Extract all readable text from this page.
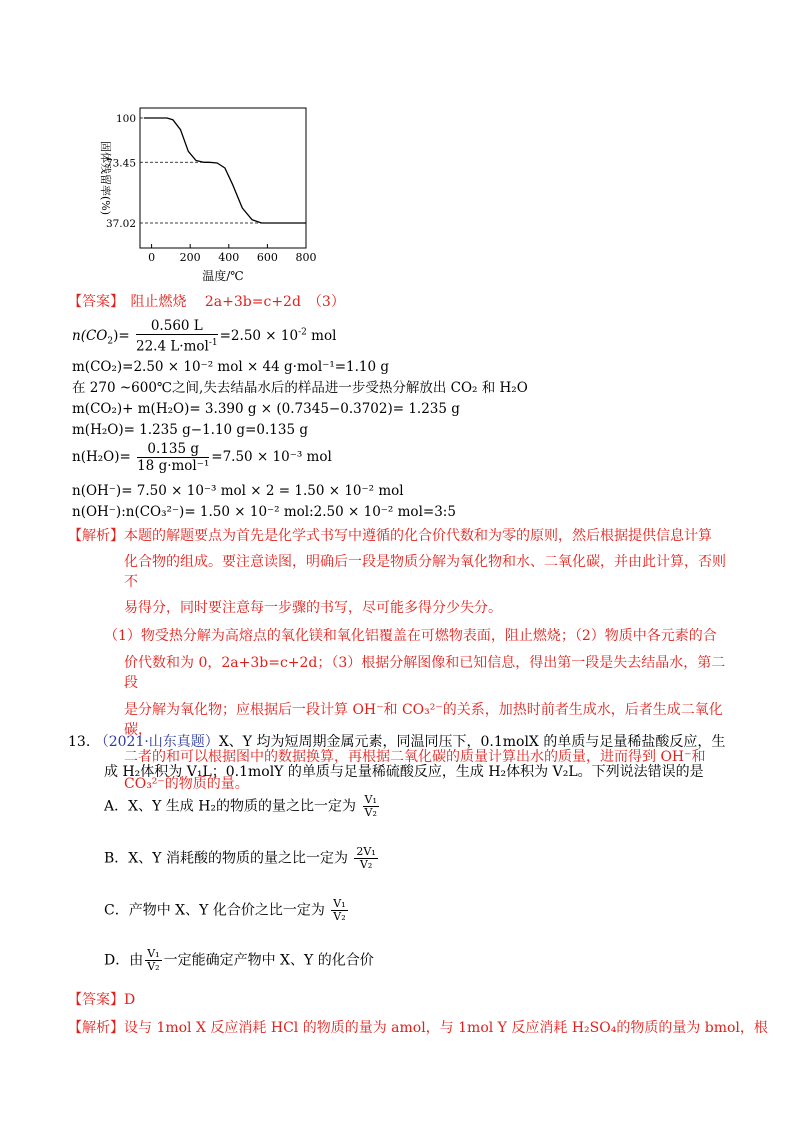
0 200 400 600 800
100
73.45
37.02
温度/℃
固体残留率(%)
【答案】 阻止燃烧　 2a+3b=c+2d　（3）
$n(CO_2)= \frac{0.560 L}{22.4 L\cdot mol^{-1}} =2.50 \times 10^{-2}$ mol
m(CO₂)=2.50 × 10⁻² mol × 44 g·mol⁻¹=1.10 g
在 270 ~600℃之间,失去结晶水后的样品进一步受热分解放出 CO₂ 和 H₂O
m(CO₂)+ m(H₂O)= 3.390 g × (0.7345−0.3702)= 1.235 g
m(H₂O)= 1.235 g−1.10 g=0.135 g
$n(H_2O)= \frac{0.135 g}{\text{18 g·mol⁻¹}} =7.50 \times 10^{-3}$ mol
n(OH⁻)= 7.50 × 10⁻³ mol × 2 = 1.50 × 10⁻² mol
n(OH⁻):n(CO₃²⁻)= 1.50 × 10⁻² mol:2.50 × 10⁻² mol=3:5
【解析】本题的解题要点为首先是化学式书写中遵循的化合价代数和为零的原则，然后根据提供信息计算
化合物的组成。要注意读图，明确后一段是物质分解为氧化物和水、二氧化碳，并由此计算，否则不
易得分，同时要注意每一步骤的书写，尽可能多得分少失分。
（1）物受热分解为高熔点的氧化镁和氧化铝覆盖在可燃物表面，阻止燃烧；（2）物质中各元素的合
价代数和为 0，2a+3b=c+2d；（3）根据分解图像和已知信息，得出第一段是失去结晶水，第二段
是分解为氧化物；应根据后一段计算 OH⁻和 CO₃²⁻的关系，加热时前者生成水，后者生成二氧化碳，
二者的和可以根据图中的数据换算，再根据二氧化碳的质量计算出水的质量，进而得到 OH⁻和
CO₃²⁻的物质的量。
13. （2021·山东真题）X、Y 均为短周期金属元素，同温同压下，0.1molX 的单质与足量稀盐酸反应，生
成 H₂体积为 V₁L；0.1molY 的单质与足量稀硫酸反应，生成 H₂体积为 V₂L。下列说法错误的是
A．X、Y 生成 H₂的物质的量之比一定为 $\frac{\text{V₁}}{\text{V₂}}$
B．X、Y 消耗酸的物质的量之比一定为 $\frac{\text{2V₁}}{\text{V₂}}$
C．产物中 X、Y 化合价之比一定为 $\frac{\text{V₁}}{\text{V₂}}$
D．由 $\frac{\text{V₁}}{\text{V₂}}$ 一定能确定产物中 X、Y 的化合价
【答案】D
【解析】设与 1mol X 反应消耗 HCl 的物质的量为 amol，与 1mol Y 反应消耗 H₂SO₄的物质的量为 bmol，根
